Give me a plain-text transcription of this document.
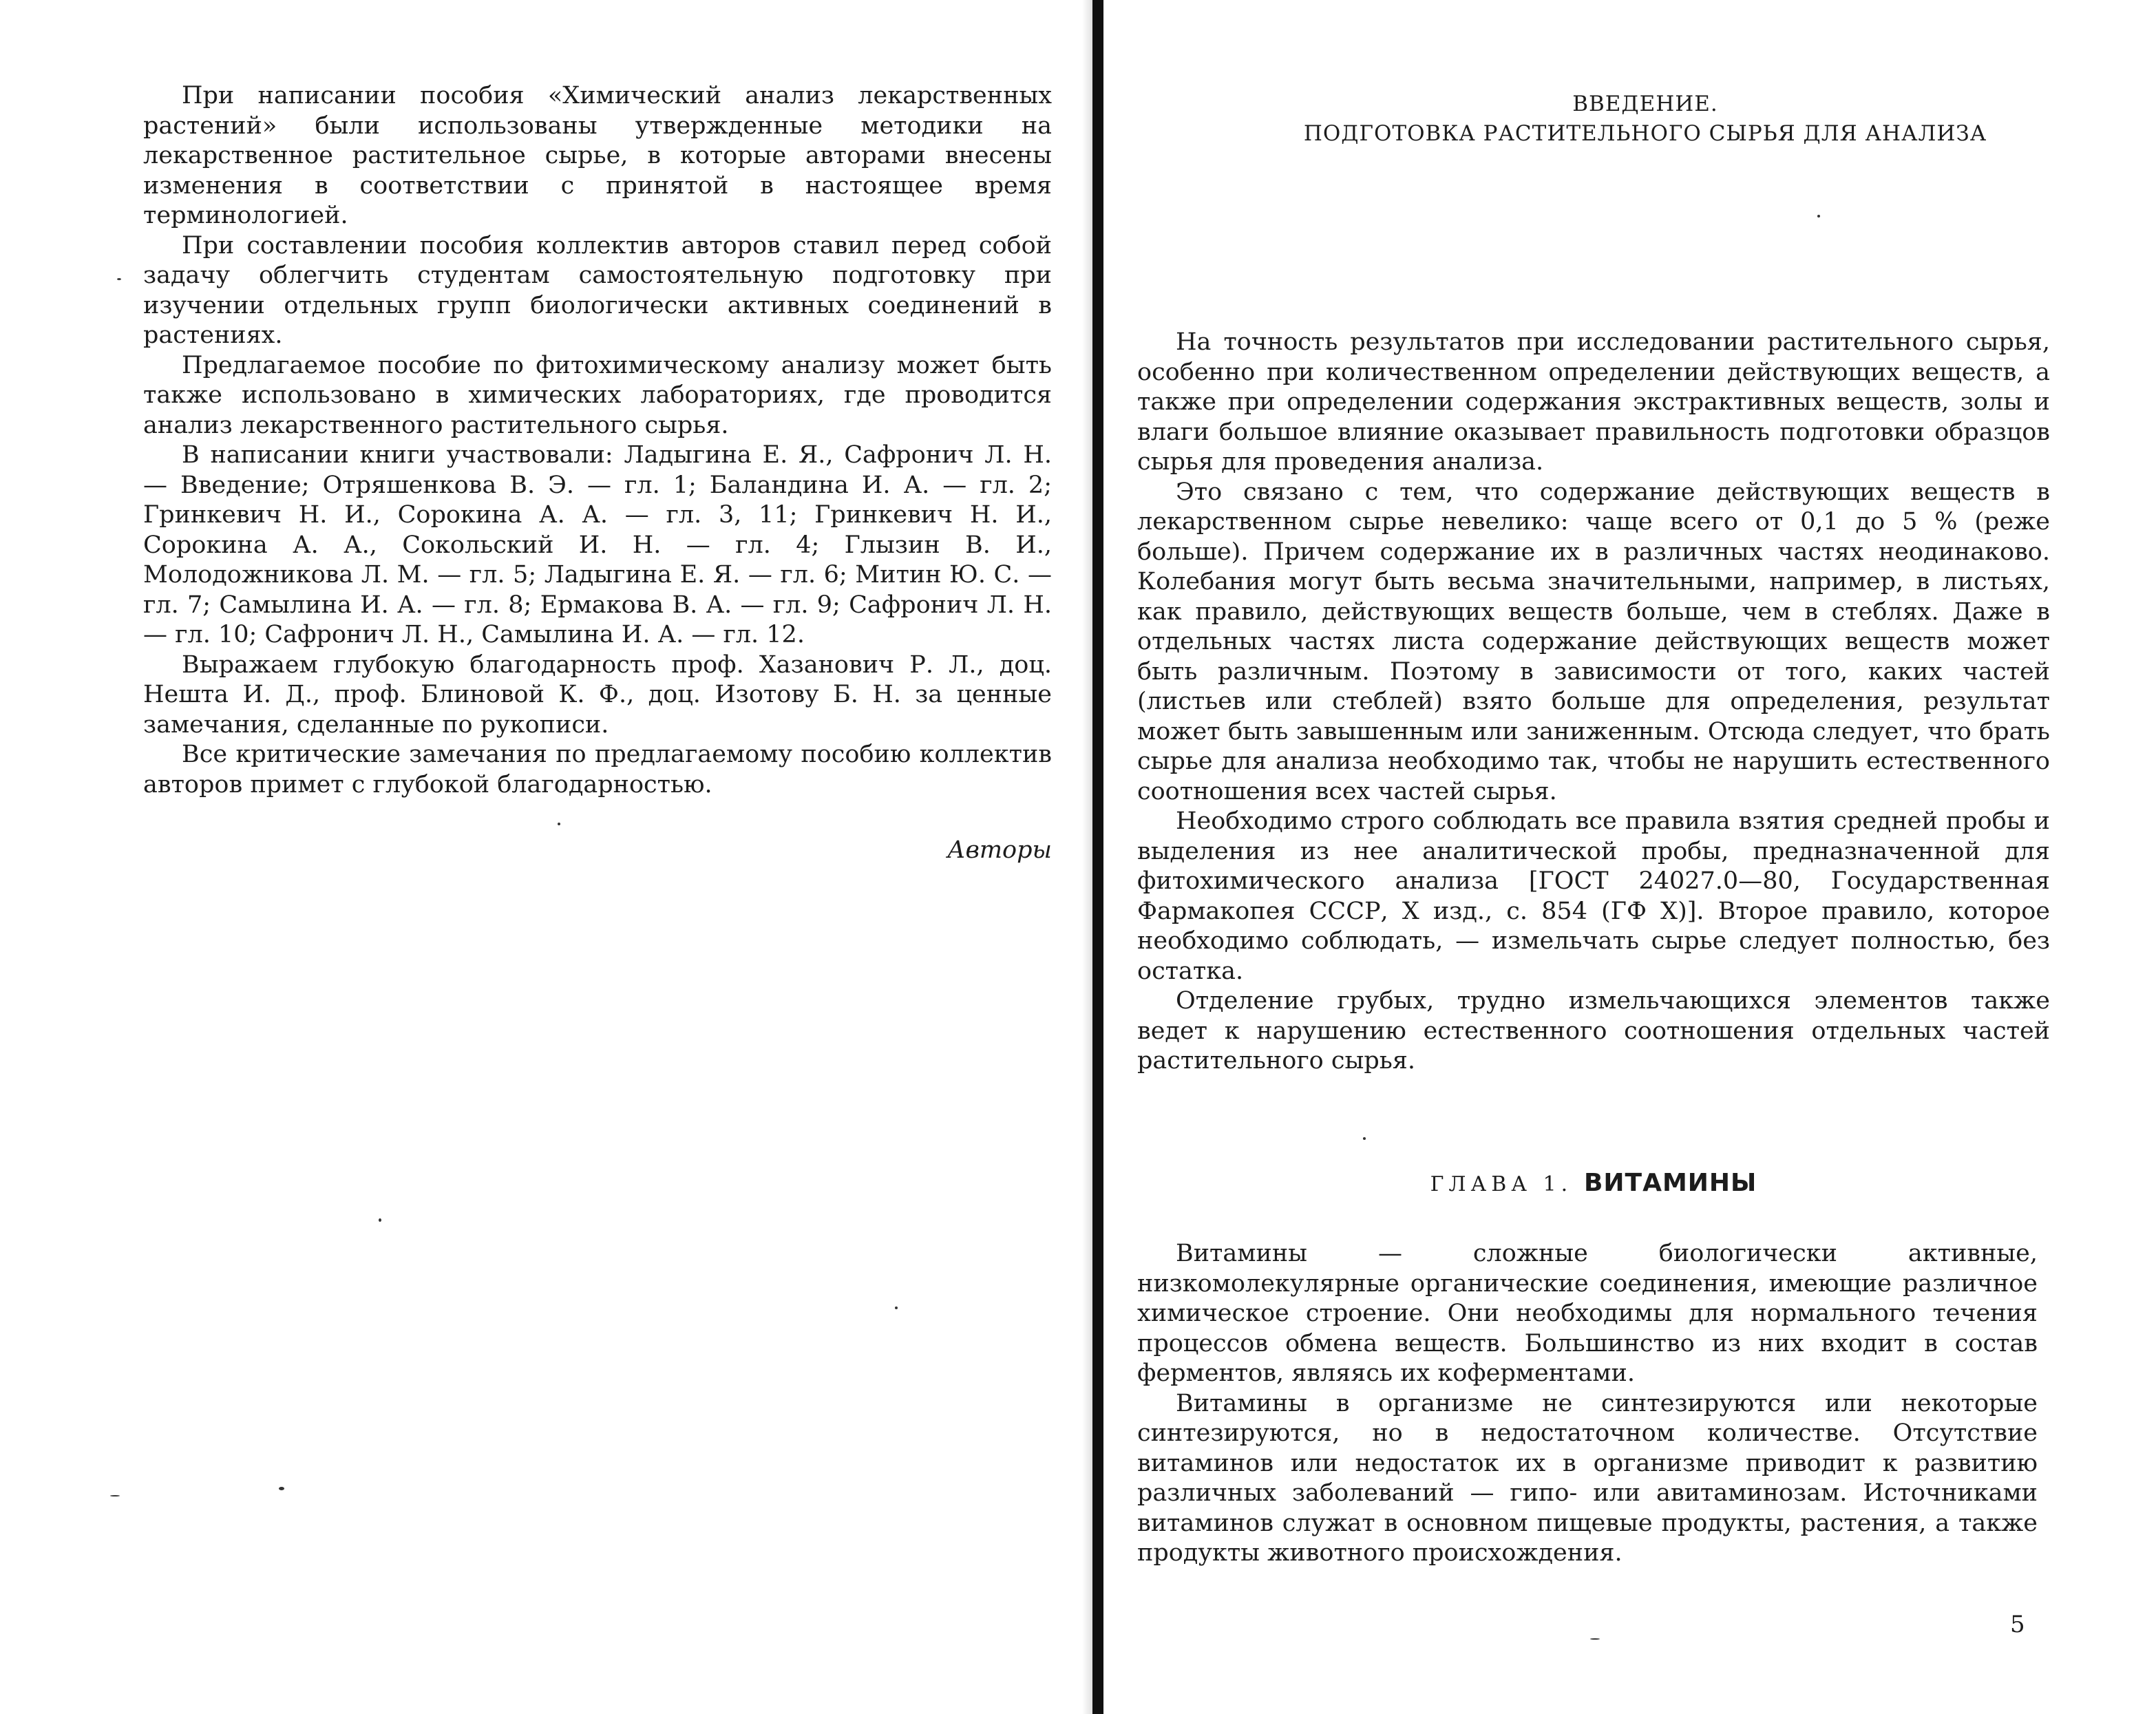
При написании пособия «Химический анализ лекарственных растений» были использованы утвержденные методики на лекарственное растительное сырье, в которые авторами внесены изменения в соответствии с принятой в настоящее время терминологией.

При составлении пособия коллектив авторов ставил перед собой задачу облегчить студентам самостоятельную подготовку при изучении отдельных групп биологически активных соединений в растениях.

Предлагаемое пособие по фитохимическому анализу может быть также использовано в химических лабораториях, где проводится анализ лекарственного растительного сырья.

В написании книги участвовали: Ладыгина Е. Я., Сафронич Л. Н. — Введение; Отряшенкова В. Э. — гл. 1; Баландина И. А. — гл. 2; Гринкевич Н. И., Сорокина А. А. — гл. 3, 11; Гринкевич Н. И., Сорокина А. А., Сокольский И. Н. — гл. 4; Глызин В. И., Молодожникова Л. М. — гл. 5; Ладыгина Е. Я. — гл. 6; Митин Ю. С. — гл. 7; Самылина И. А. — гл. 8; Ермакова В. А. — гл. 9; Сафронич Л. Н. — гл. 10; Сафронич Л. Н., Самылина И. А. — гл. 12.

Выражаем глубокую благодарность проф. Хазанович Р. Л., доц. Нешта И. Д., проф. Блиновой К. Ф., доц. Изотову Б. Н. за ценные замечания, сделанные по рукописи.

Все критические замечания по предлагаемому пособию коллектив авторов примет с глубокой благодарностью.

Авторы
ВВЕДЕНИЕ.
ПОДГОТОВКА РАСТИТЕЛЬНОГО СЫРЬЯ ДЛЯ АНАЛИЗА

На точность результатов при исследовании растительного сырья, особенно при количественном определении действующих веществ, а также при определении содержания экстрактивных веществ, золы и влаги большое влияние оказывает правильность подготовки образцов сырья для проведения анализа.

Это связано с тем, что содержание действующих веществ в лекарственном сырье невелико: чаще всего от 0,1 до 5 % (реже больше). Причем содержание их в различных частях неодинаково. Колебания могут быть весьма значительными, например, в листьях, как правило, действующих веществ больше, чем в стеблях. Даже в отдельных частях листа содержание действующих веществ может быть различным. Поэтому в зависимости от того, каких частей (листьев или стеблей) взято больше для определения, результат может быть завышенным или заниженным. Отсюда следует, что брать сырье для анализа необходимо так, чтобы не нарушить естественного соотношения всех частей сырья.

Необходимо строго соблюдать все правила взятия средней пробы и выделения из нее аналитической пробы, предназначенной для фитохимического анализа [ГОСТ 24027.0—80, Государственная Фармакопея СССР, X изд., с. 854 (ГФ X)]. Второе правило, которое необходимо соблюдать, — измельчать сырье следует полностью, без остатка.

Отделение грубых, трудно измельчающихся элементов также ведет к нарушению естественного соотношения отдельных частей растительного сырья.

ГЛАВА 1. ВИТАМИНЫ

Витамины — сложные биологически активные, низкомолекулярные органические соединения, имеющие различное химическое строение. Они необходимы для нормального течения процессов обмена веществ. Большинство из них входит в состав ферментов, являясь их коферментами.

Витамины в организме не синтезируются или некоторые синтезируются, но в недостаточном количестве. Отсутствие витаминов или недостаток их в организме приводит к развитию различных заболеваний — гипо- или авитаминозам. Источниками витаминов служат в основном пищевые продукты, растения, а также продукты животного происхождения.

5
